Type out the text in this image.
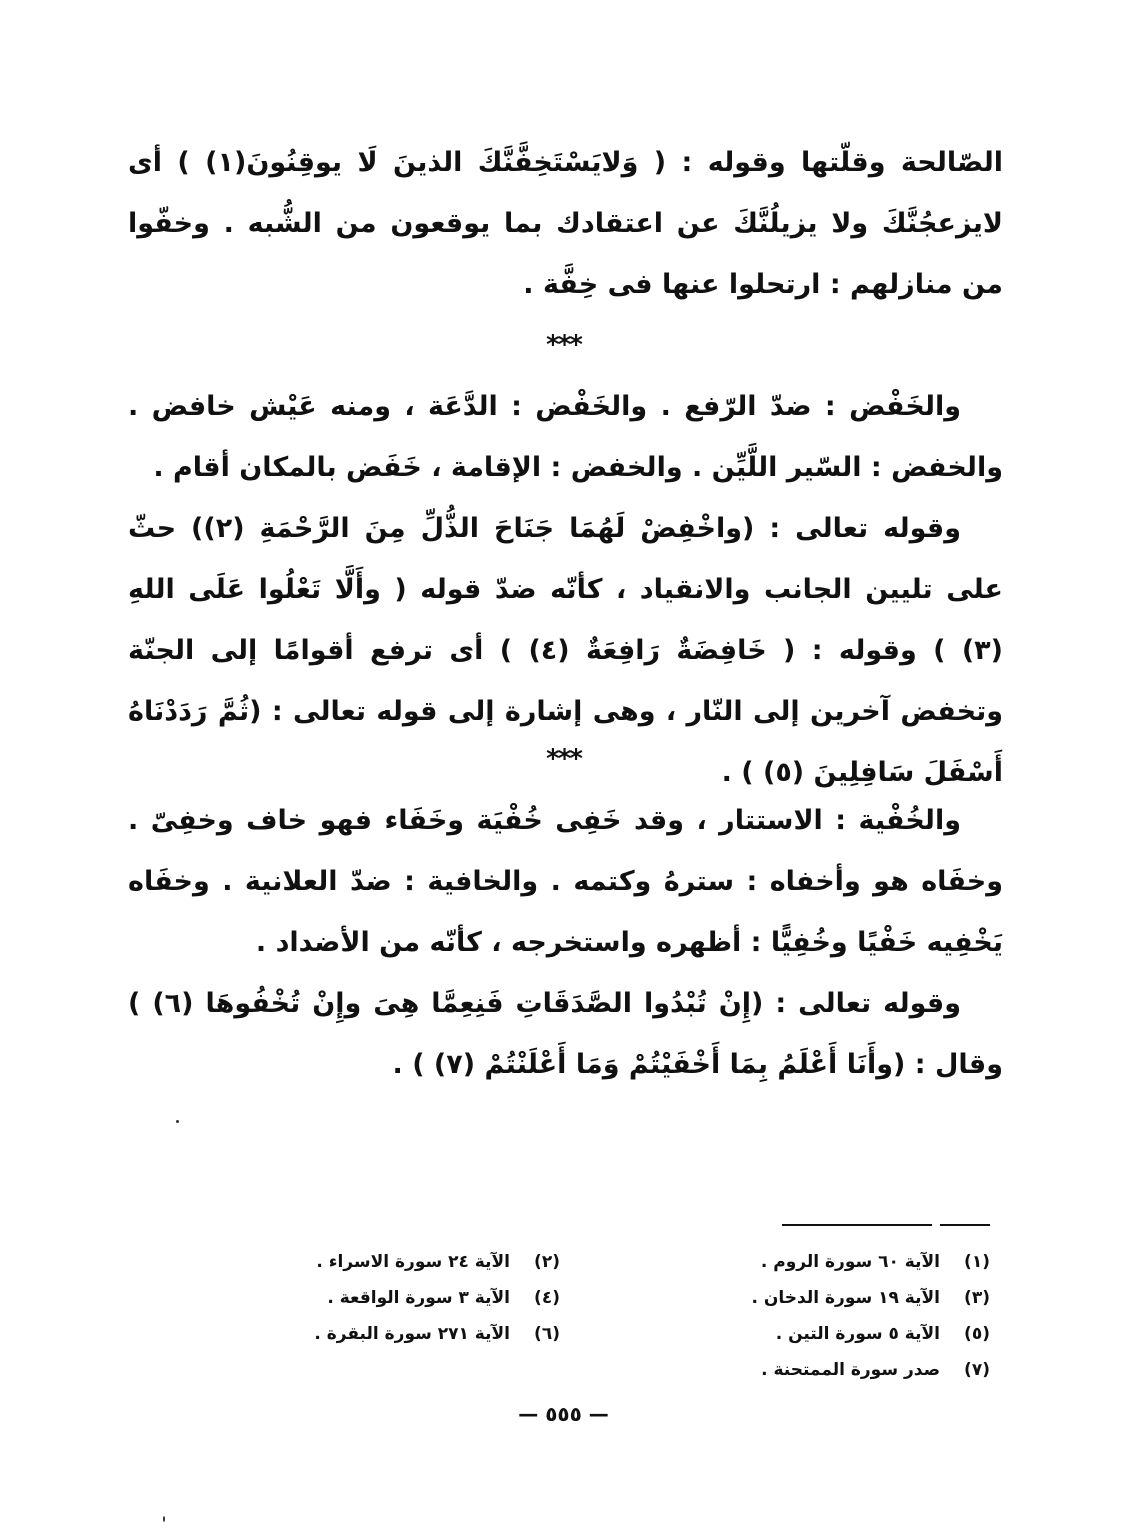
الصّالحة وقلّتها وقوله : ( وَلايَسْتَخِفَّنَّكَ الذينَ لَا يوقِنُونَ(١) ) أى لايزعجُنَّكَ ولا يزيلُنَّكَ عن اعتقادك بما يوقعون من الشُّبه . وخفّوا من منازلهم : ارتحلوا عنها فى خِفَّة .

***

والخَفْض : ضدّ الرّفع . والخَفْض : الدَّعَة ، ومنه عَيْش خافض . والخفض : السّير اللَّيِّن . والخفض : الإقامة ، خَفَض بالمكان أقام .

وقوله تعالى : (واخْفِضْ لَهُمَا جَنَاحَ الذُّلِّ مِنَ الرَّحْمَةِ (٢)) حثّ على تليين الجانب والانقياد ، كأنّه ضدّ قوله ( وأَلَّا تَعْلُوا عَلَى اللهِ (٣) ) وقوله : ( خَافِضَةٌ رَافِعَةٌ (٤) ) أى ترفع أقوامًا إلى الجنّة وتخفض آخرين إلى النّار ، وهى إشارة إلى قوله تعالى : (ثُمَّ رَدَدْنَاهُ أَسْفَلَ سَافِلِينَ (٥) ) .

***

والخُفْية : الاستتار ، وقد خَفِى خُفْيَة وخَفَاء فهو خاف وخفِىّ . وخفَاه هو وأخفاه : سترهُ وكتمه . والخافية : ضدّ العلانية . وخفَاه يَخْفِيه خَفْيًا وخُفِيًّا : أظهره واستخرجه ، كأنّه من الأضداد .

وقوله تعالى : (إِنْ تُبْدُوا الصَّدَقَاتِ فَنِعِمَّا هِىَ وإِنْ تُخْفُوهَا (٦) ) وقال : (وأَنَا أَعْلَمُ بِمَا أَخْفَيْتُمْ وَمَا أَعْلَنْتُمْ (٧) ) .

(١)
الآية ٦٠ سورة الروم .
(٣)
الآية ١٩ سورة الدخان .
(٥)
الآية ٥ سورة التين .
(٧)
صدر سورة الممتحنة .
(٢)
الآية ٢٤ سورة الاسراء .
(٤)
الآية ٣ سورة الواقعة .
(٦)
الآية ٢٧١ سورة البقرة .
— ٥٥٥ —
